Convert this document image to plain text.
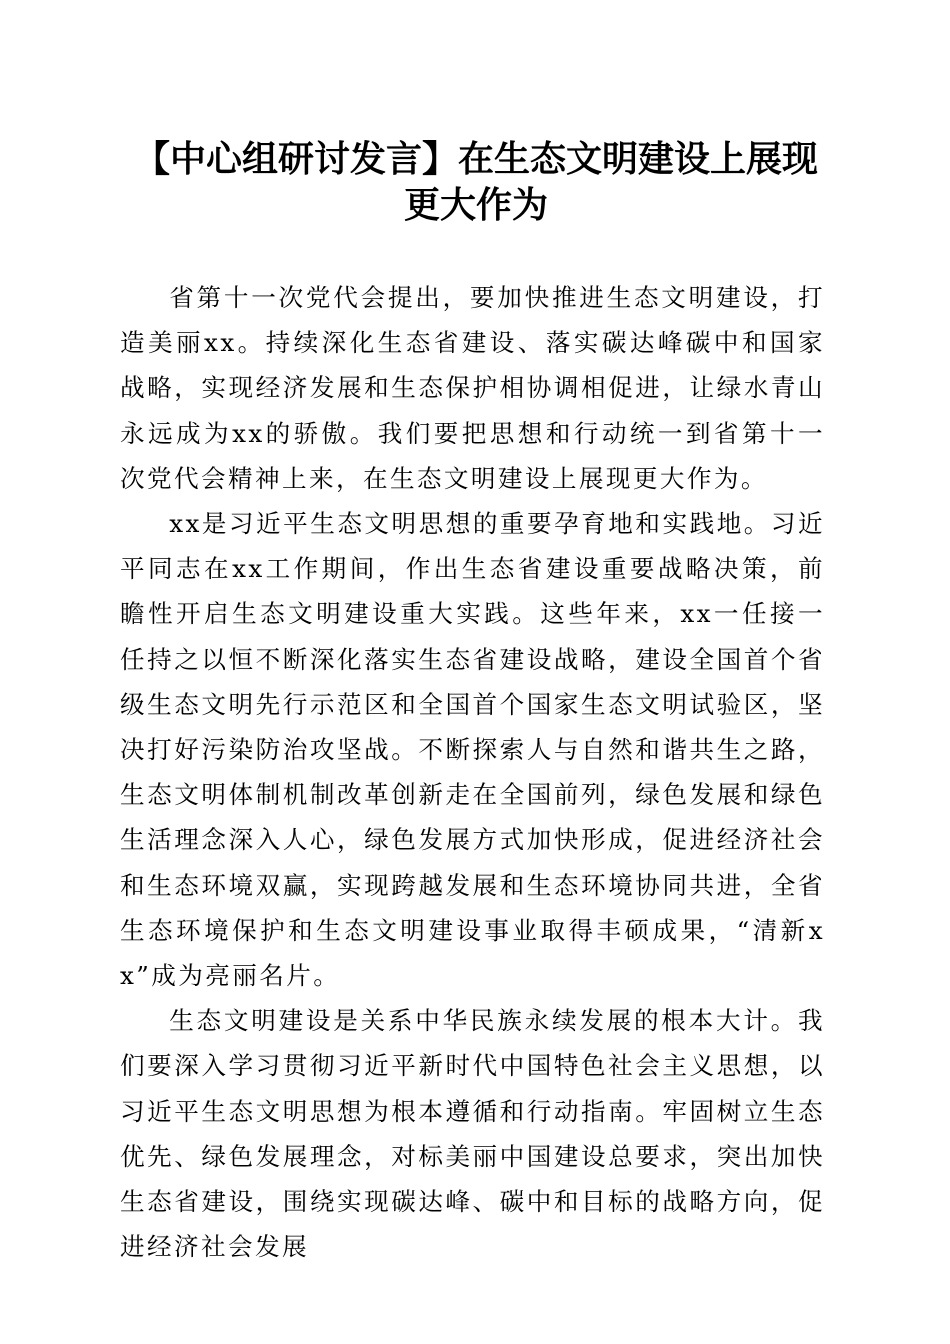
【中心组研讨发言】在生态文明建设上展现更大作为

省第十一次党代会提出，要加快推进生态文明建设，打造美丽xx。持续深化生态省建设、落实碳达峰碳中和国家战略，实现经济发展和生态保护相协调相促进，让绿水青山永远成为xx的骄傲。我们要把思想和行动统一到省第十一次党代会精神上来，在生态文明建设上展现更大作为。

xx是习近平生态文明思想的重要孕育地和实践地。习近平同志在xx工作期间，作出生态省建设重要战略决策，前瞻性开启生态文明建设重大实践。这些年来，xx一任接一任持之以恒不断深化落实生态省建设战略，建设全国首个省级生态文明先行示范区和全国首个国家生态文明试验区，坚决打好污染防治攻坚战。不断探索人与自然和谐共生之路，生态文明体制机制改革创新走在全国前列，绿色发展和绿色生活理念深入人心，绿色发展方式加快形成，促进经济社会和生态环境双赢，实现跨越发展和生态环境协同共进，全省生态环境保护和生态文明建设事业取得丰硕成果，“清新xx”成为亮丽名片。

生态文明建设是关系中华民族永续发展的根本大计。我们要深入学习贯彻习近平新时代中国特色社会主义思想，以习近平生态文明思想为根本遵循和行动指南。牢固树立生态优先、绿色发展理念，对标美丽中国建设总要求，突出加快生态省建设，围绕实现碳达峰、碳中和目标的战略方向，促进经济社会发展
